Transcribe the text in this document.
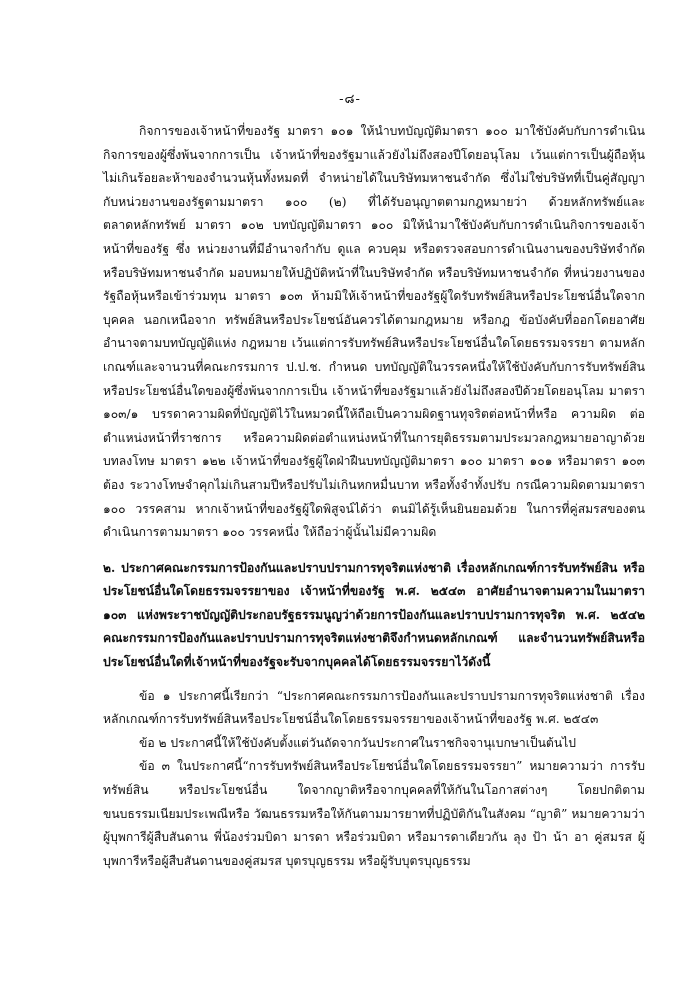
-๘-

กิจการของเจ้าหน้าที่ของรัฐ มาตรา ๑๐๑ ให้นำบทบัญญัติมาตรา ๑๐๐ มาใช้บังคับกับการดำเนินกิจการของผู้ซึ่งพ้นจากการเป็น เจ้าหน้าที่ของรัฐมาแล้วยังไม่ถึงสองปีโดยอนุโลม เว้นแต่การเป็นผู้ถือหุ้นไม่เกินร้อยละห้าของจำนวนหุ้นทั้งหมดที่ จำหน่ายได้ในบริษัทมหาชนจำกัด ซึ่งไม่ใช่บริษัทที่เป็นคู่สัญญากับหน่วยงานของรัฐตามมาตรา ๑๐๐ (๒) ที่ได้รับอนุญาตตามกฎหมายว่า ด้วยหลักทรัพย์และตลาดหลักทรัพย์ มาตรา ๑๐๒ บทบัญญัติมาตรา ๑๐๐ มิให้นำมาใช้บังคับกับการดำเนินกิจการของเจ้าหน้าที่ของรัฐ ซึ่ง หน่วยงานที่มีอำนาจกำกับ ดูแล ควบคุม หรือตรวจสอบการดำเนินงานของบริษัทจำกัด หรือบริษัทมหาชนจำกัด มอบหมายให้ปฏิบัติหน้าที่ในบริษัทจำกัด หรือบริษัทมหาชนจำกัด ที่หน่วยงานของรัฐถือหุ้นหรือเข้าร่วมทุน มาตรา ๑๐๓ ห้ามมิให้เจ้าหน้าที่ของรัฐผู้ใดรับทรัพย์สินหรือประโยชน์อื่นใดจากบุคคล นอกเหนือจาก ทรัพย์สินหรือประโยชน์อันควรได้ตามกฎหมาย หรือกฎ ข้อบังคับที่ออกโดยอาศัยอำนาจตามบทบัญญัติแห่ง กฎหมาย เว้นแต่การรับทรัพย์สินหรือประโยชน์อื่นใดโดยธรรมจรรยา ตามหลักเกณฑ์และจานวนที่คณะกรรมการ ป.ป.ช. กำหนด บทบัญญัติในวรรคหนึ่งให้ใช้บังคับกับการรับทรัพย์สินหรือประโยชน์อื่นใดของผู้ซึ่งพ้นจากการเป็น เจ้าหน้าที่ของรัฐมาแล้วยังไม่ถึงสองปีด้วยโดยอนุโลม มาตรา ๑๐๓/๑ บรรดาความผิดที่บัญญัติไว้ในหมวดนี้ให้ถือเป็นความผิดฐานทุจริตต่อหน้าที่หรือ ความผิด ต่อตำแหน่งหน้าที่ราชการ หรือความผิดต่อตำแหน่งหน้าที่ในการยุติธรรมตามประมวลกฎหมายอาญาด้วย บทลงโทษ มาตรา ๑๒๒ เจ้าหน้าที่ของรัฐผู้ใดฝ่าฝืนบทบัญญัติมาตรา ๑๐๐ มาตรา ๑๐๑ หรือมาตรา ๑๐๓ ต้อง ระวางโทษจำคุกไม่เกินสามปีหรือปรับไม่เกินหกหมื่นบาท หรือทั้งจำทั้งปรับ กรณีความผิดตามมาตรา ๑๐๐ วรรคสาม หากเจ้าหน้าที่ของรัฐผู้ใดพิสูจน์ได้ว่า ตนมิได้รู้เห็นยินยอมด้วย ในการที่คู่สมรสของตนดำเนินการตามมาตรา ๑๐๐ วรรคหนึ่ง ให้ถือว่าผู้นั้นไม่มีความผิด

๒. ประกาศคณะกรรมการป้องกันและปราบปรามการทุจริตแห่งชาติ เรื่องหลักเกณฑ์การรับทรัพย์สิน หรือประโยชน์อื่นใดโดยธรรมจรรยาของ เจ้าหน้าที่ของรัฐ พ.ศ. ๒๕๔๓ อาศัยอำนาจตามความในมาตรา ๑๐๓ แห่งพระราชบัญญัติประกอบรัฐธรรมนูญว่าด้วยการป้องกันและปราบปรามการทุจริต พ.ศ. ๒๕๔๒ คณะกรรมการป้องกันและปราบปรามการทุจริตแห่งชาติจึงกำหนดหลักเกณฑ์ และจำนวนทรัพย์สินหรือประโยชน์อื่นใดที่เจ้าหน้าที่ของรัฐจะรับจากบุคคลได้โดยธรรมจรรยาไว้ดังนี้

ข้อ ๑ ประกาศนี้เรียกว่า “ประกาศคณะกรรมการป้องกันและปราบปรามการทุจริตแห่งชาติ เรื่อง หลักเกณฑ์การรับทรัพย์สินหรือประโยชน์อื่นใดโดยธรรมจรรยาของเจ้าหน้าที่ของรัฐ พ.ศ. ๒๕๔๓

ข้อ ๒ ประกาศนี้ให้ใช้บังคับตั้งแต่วันถัดจากวันประกาศในราชกิจจานุเบกษาเป็นต้นไป

ข้อ ๓ ในประกาศนี้“การรับทรัพย์สินหรือประโยชน์อื่นใดโดยธรรมจรรยา” หมายความว่า การรับทรัพย์สิน หรือประโยชน์อื่น ใดจากญาติหรือจากบุคคลที่ให้กันในโอกาสต่างๆ โดยปกติตามขนบธรรมเนียมประเพณีหรือ วัฒนธรรมหรือให้กันตามมารยาทที่ปฏิบัติกันในสังคม “ญาติ” หมายความว่า ผู้บุพการีผู้สืบสันดาน พี่น้องร่วมบิดา มารดา หรือร่วมบิดา หรือมารดาเดียวกัน ลุง ป้า น้า อา คู่สมรส ผู้บุพการีหรือผู้สืบสันดานของคู่สมรส บุตรบุญธรรม หรือผู้รับบุตรบุญธรรม
